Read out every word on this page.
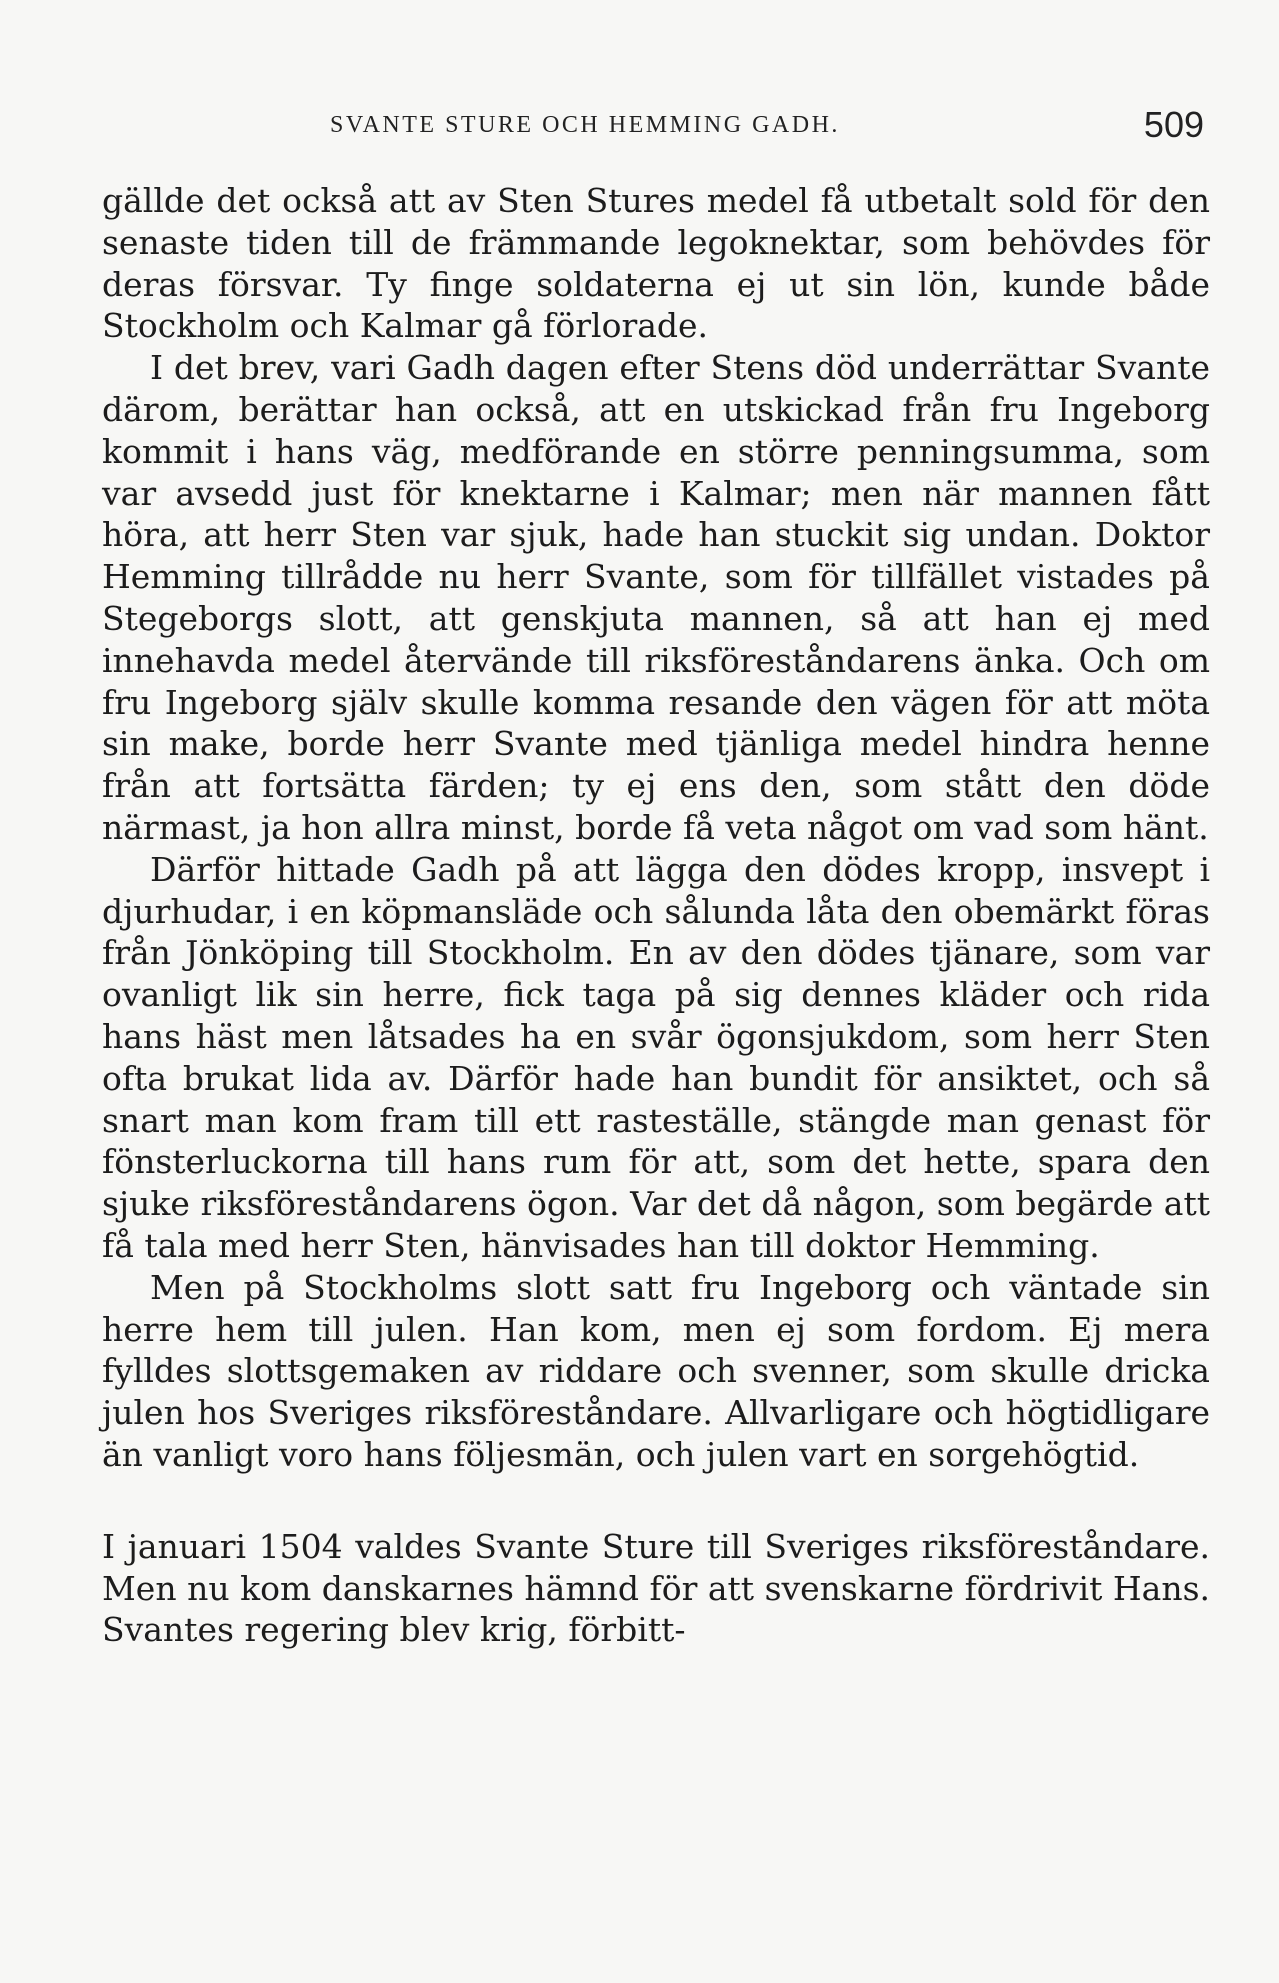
SVANTE STURE OCH HEMMING GADH.	509

gällde det också att av Sten Stures medel få utbetalt sold för den senaste tiden till de främmande legoknektar, som behövdes för deras försvar. Ty finge soldaterna ej ut sin lön, kunde både Stockholm och Kalmar gå förlorade.

I det brev, vari Gadh dagen efter Stens död underrättar Svante därom, berättar han också, att en utskickad från fru Ingeborg kommit i hans väg, medförande en större penningsumma, som var avsedd just för knektarne i Kalmar; men när mannen fått höra, att herr Sten var sjuk, hade han stuckit sig undan. Doktor Hemming tillrådde nu herr Svante, som för tillfället vistades på Stegeborgs slott, att genskjuta mannen, så att han ej med innehavda medel återvände till riksföreståndarens änka. Och om fru Ingeborg själv skulle komma resande den vägen för att möta sin make, borde herr Svante med tjänliga medel hindra henne från att fortsätta färden; ty ej ens den, som stått den döde närmast, ja hon allra minst, borde få veta något om vad som hänt.

Därför hittade Gadh på att lägga den dödes kropp, insvept i djurhudar, i en köpmansläde och sålunda låta den obemärkt föras från Jönköping till Stockholm. En av den dödes tjänare, som var ovanligt lik sin herre, fick taga på sig dennes kläder och rida hans häst men låtsades ha en svår ögonsjukdom, som herr Sten ofta brukat lida av. Därför hade han bundit för ansiktet, och så snart man kom fram till ett rasteställe, stängde man genast för fönsterluckorna till hans rum för att, som det hette, spara den sjuke riksföreståndarens ögon. Var det då någon, som begärde att få tala med herr Sten, hänvisades han till doktor Hemming.

Men på Stockholms slott satt fru Ingeborg och väntade sin herre hem till julen. Han kom, men ej som fordom. Ej mera fylldes slottsgemaken av riddare och svenner, som skulle dricka julen hos Sveriges riksföreståndare. Allvarligare och högtidligare än vanligt voro hans följesmän, och julen vart en sorgehögtid.

I januari 1504 valdes Svante Sture till Sveriges riksföreståndare. Men nu kom danskarnes hämnd för att svenskarne fördrivit Hans. Svantes regering blev krig, förbitt-
